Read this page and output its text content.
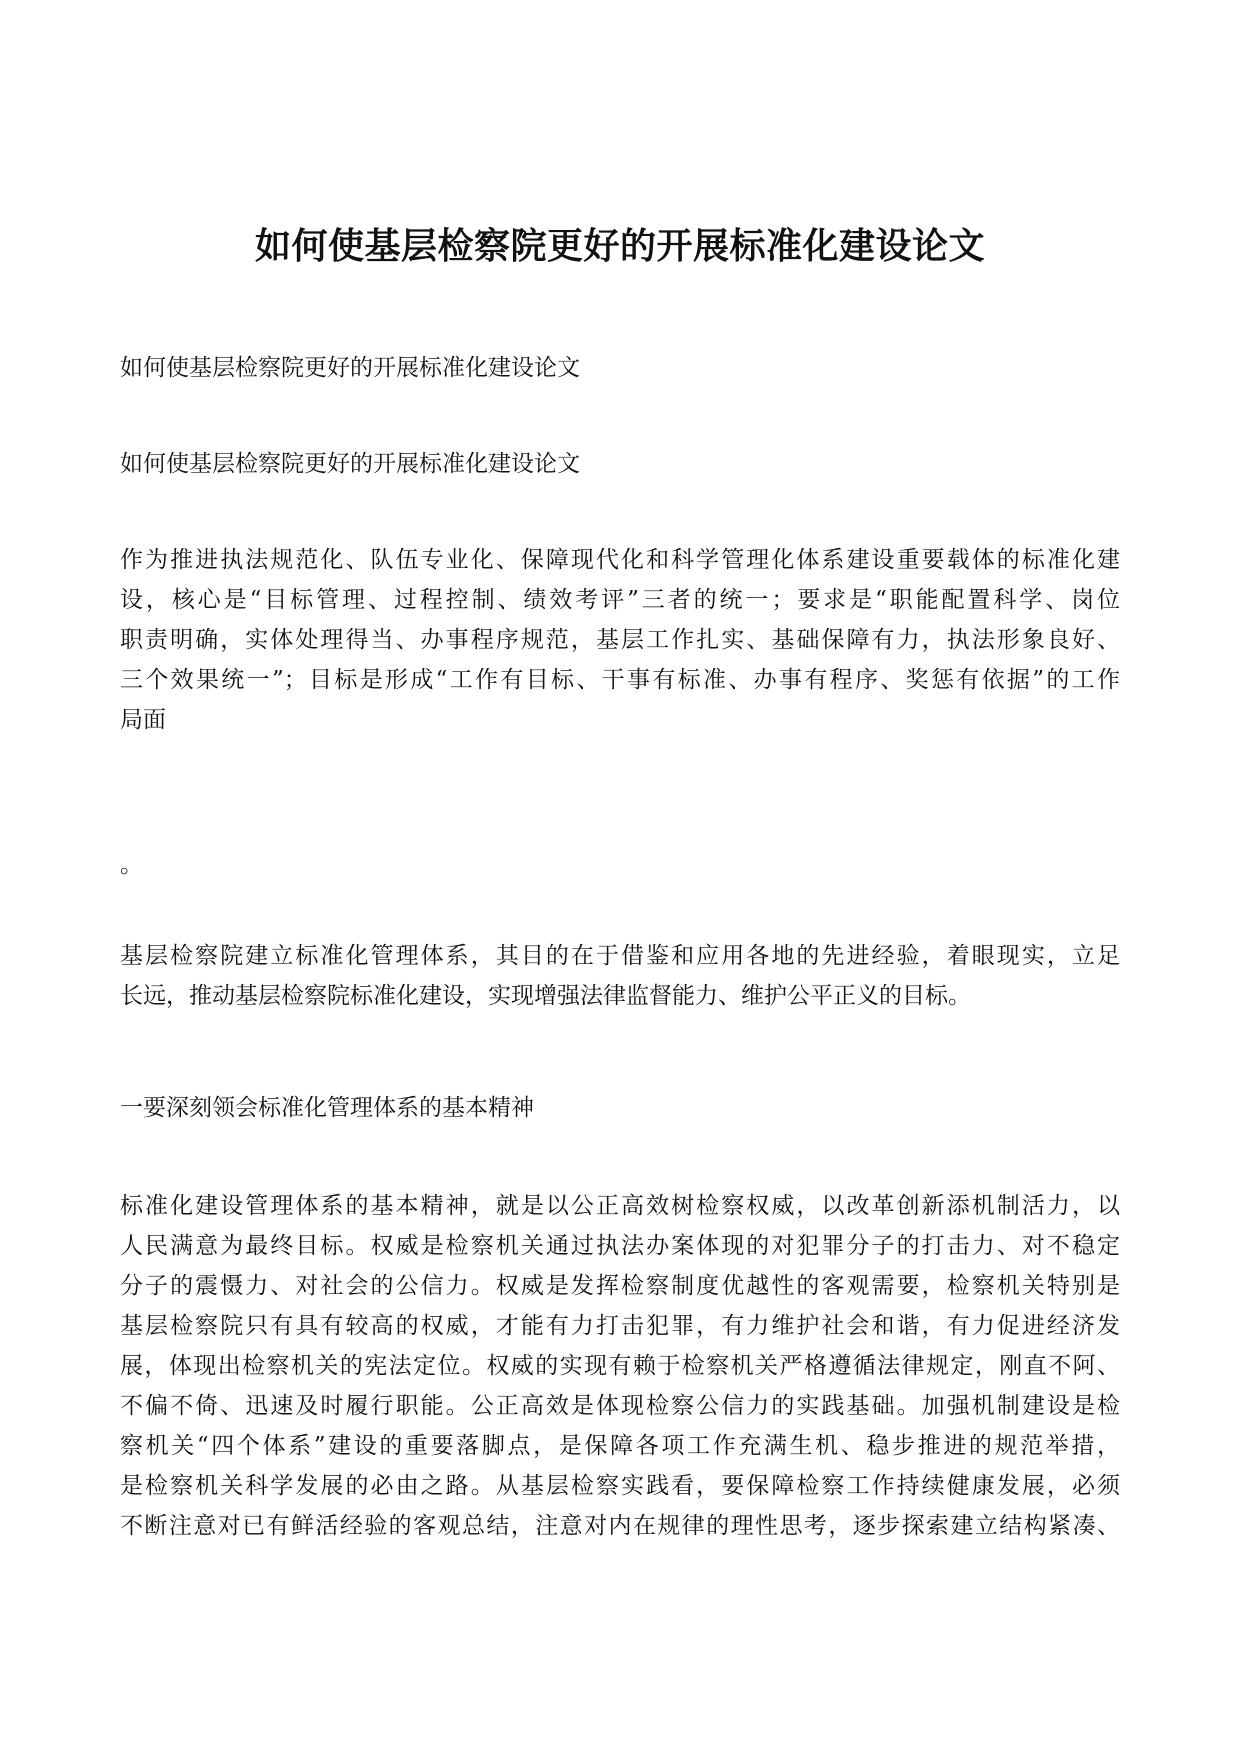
如何使基层检察院更好的开展标准化建设论文

如何使基层检察院更好的开展标准化建设论文

如何使基层检察院更好的开展标准化建设论文

作为推进执法规范化、队伍专业化、保障现代化和科学管理化体系建设重要载体的标准化建
设，核心是“目标管理、过程控制、绩效考评”三者的统一；要求是“职能配置科学、岗位
职责明确，实体处理得当、办事程序规范，基层工作扎实、基础保障有力，执法形象良好、
三个效果统一”；目标是形成“工作有目标、干事有标准、办事有程序、奖惩有依据”的工作
局面

。

基层检察院建立标准化管理体系，其目的在于借鉴和应用各地的先进经验，着眼现实，立足
长远，推动基层检察院标准化建设，实现增强法律监督能力、维护公平正义的目标。

一要深刻领会标准化管理体系的基本精神

标准化建设管理体系的基本精神，就是以公正高效树检察权威，以改革创新添机制活力，以
人民满意为最终目标。权威是检察机关通过执法办案体现的对犯罪分子的打击力、对不稳定
分子的震慑力、对社会的公信力。权威是发挥检察制度优越性的客观需要，检察机关特别是
基层检察院只有具有较高的权威，才能有力打击犯罪，有力维护社会和谐，有力促进经济发
展，体现出检察机关的宪法定位。权威的实现有赖于检察机关严格遵循法律规定，刚直不阿、
不偏不倚、迅速及时履行职能。公正高效是体现检察公信力的实践基础。加强机制建设是检
察机关“四个体系”建设的重要落脚点，是保障各项工作充满生机、稳步推进的规范举措，
是检察机关科学发展的必由之路。从基层检察实践看，要保障检察工作持续健康发展，必须
不断注意对已有鲜活经验的客观总结，注意对内在规律的理性思考，逐步探索建立结构紧凑、
